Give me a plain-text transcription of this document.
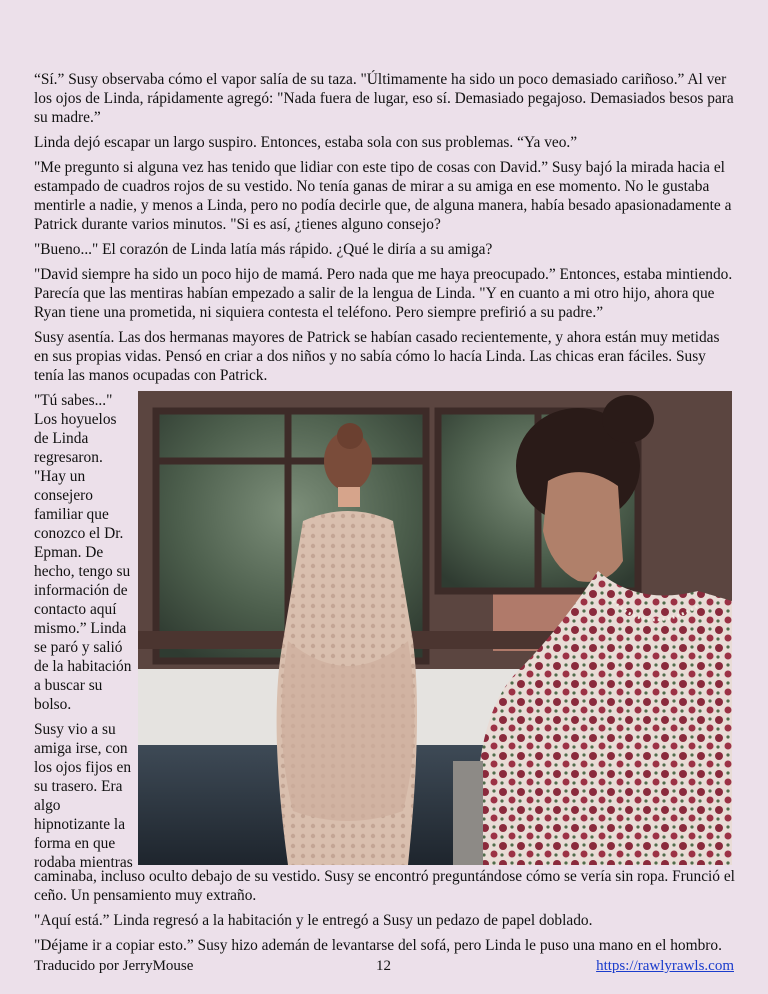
“Sí.” Susy observaba cómo el vapor salía de su taza. "Últimamente ha sido un poco demasiado cariñoso.” Al ver los ojos de Linda, rápidamente agregó: "Nada fuera de lugar, eso sí. Demasiado pegajoso. Demasiados besos para su madre.”

Linda dejó escapar un largo suspiro. Entonces, estaba sola con sus problemas. “Ya veo.”

"Me pregunto si alguna vez has tenido que lidiar con este tipo de cosas con David.” Susy bajó la mirada hacia el estampado de cuadros rojos de su vestido. No tenía ganas de mirar a su amiga en ese momento. No le gustaba mentirle a nadie, y menos a Linda, pero no podía decirle que, de alguna manera, había besado apasionadamente a Patrick durante varios minutos. "Si es así, ¿tienes alguno consejo?

"Bueno..." El corazón de Linda latía más rápido. ¿Qué le diría a su amiga?

"David siempre ha sido un poco hijo de mamá. Pero nada que me haya preocupado.” Entonces, estaba mintiendo. Parecía que las mentiras habían empezado a salir de la lengua de Linda. "Y en cuanto a mi otro hijo, ahora que Ryan tiene una prometida, ni siquiera contesta el teléfono. Pero siempre prefirió a su padre.”

Susy asentía. Las dos hermanas mayores de Patrick se habían casado recientemente, y ahora están muy metidas en sus propias vidas. Pensó en criar a dos niños y no sabía cómo lo hacía Linda. Las chicas eran fáciles. Susy tenía las manos ocupadas con Patrick.

"Tú sabes..." Los hoyuelos de Linda regresaron. "Hay un consejero familiar que conozco el Dr. Epman. De hecho, tengo su información de contacto aquí mismo.” Linda se paró y salió de la habitación a buscar su bolso.

Susy vio a su amiga irse, con los ojos fijos en su trasero. Era algo hipnotizante la forma en que rodaba mientras

caminaba, incluso oculto debajo de su vestido. Susy se encontró preguntándose cómo se vería sin ropa. Frunció el ceño. Un pensamiento muy extraño.

"Aquí está.” Linda regresó a la habitación y le entregó a Susy un pedazo de papel doblado.

"Déjame ir a copiar esto.” Susy hizo ademán de levantarse del sofá, pero Linda le puso una mano en el hombro.

Traducido por JerryMouse	12	https://rawlyrawls.com
